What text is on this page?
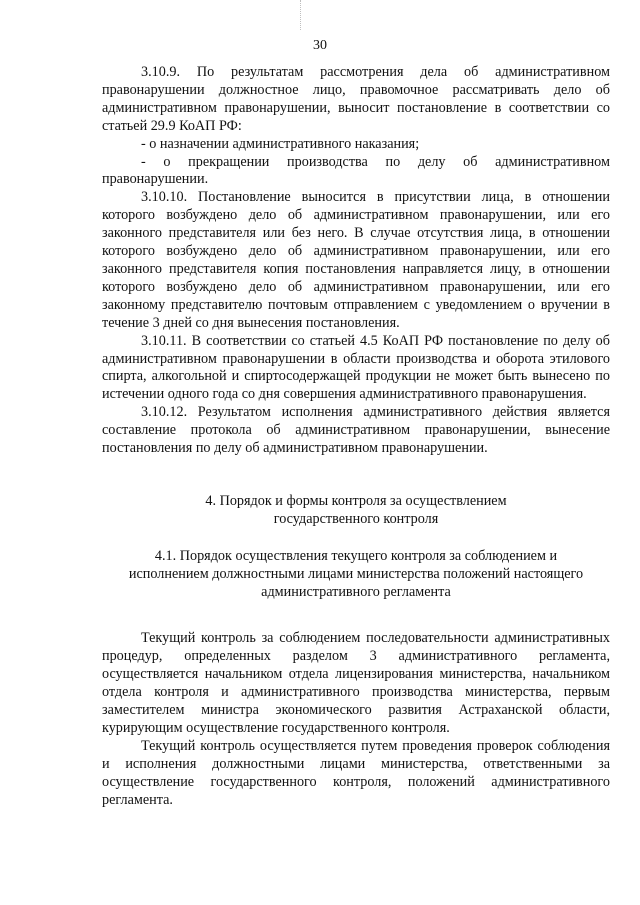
30

3.10.9. По результатам рассмотрения дела об административном правонарушении должностное лицо, правомочное рассматривать дело об административном правонарушении, выносит постановление в соответствии со статьей 29.9 КоАП РФ:

- о назначении административного наказания;

- о прекращении производства по делу об административном правонарушении.

3.10.10. Постановление выносится в присутствии лица, в отношении которого возбуждено дело об административном правонарушении, или его законного представителя или без него. В случае отсутствия лица, в отношении которого возбуждено дело об административном правонарушении, или его законного представителя копия постановления направляется лицу, в отношении которого возбуждено дело об административном правонарушении, или его законному представителю почтовым отправлением с уведомлением о вручении в течение 3 дней со дня вынесения постановления.

3.10.11. В соответствии со статьей 4.5 КоАП РФ постановление по делу об административном правонарушении в области производства и оборота этилового спирта, алкогольной и спиртосодержащей продукции не может быть вынесено по истечении одного года со дня совершения административного правонарушения.

3.10.12. Результатом исполнения административного действия является составление протокола об административном правонарушении, вынесение постановления по делу об административном правонарушении.

4. Порядок и формы контроля за осуществлением

государственного контроля

4.1. Порядок осуществления текущего контроля за соблюдением и

исполнением должностными лицами министерства положений настоящего

административного регламента

Текущий контроль за соблюдением последовательности административных процедур, определенных разделом 3 административного регламента, осуществляется начальником отдела лицензирования министерства, начальником отдела контроля и административного производства министерства, первым заместителем министра экономического развития Астраханской области, курирующим осуществление государственного контроля.

Текущий контроль осуществляется путем проведения проверок соблюдения и исполнения должностными лицами министерства, ответственными за осуществление государственного контроля, положений административного регламента.
